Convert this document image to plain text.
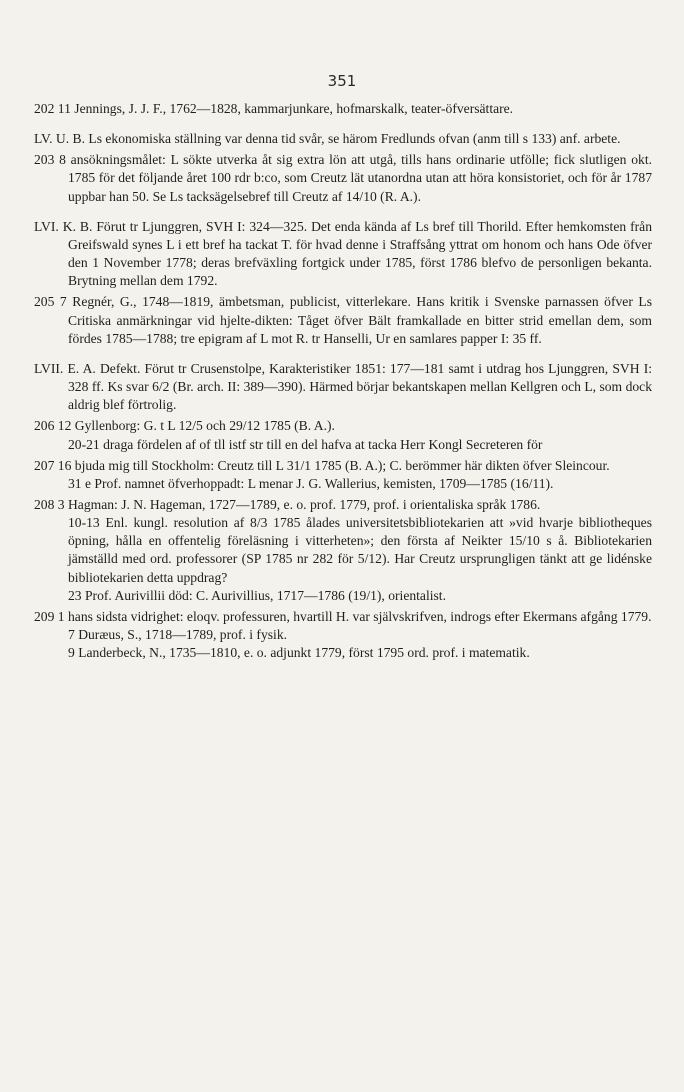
351

202 11 Jennings, J. J. F., 1762—1828, kammarjunkare, hofmarskalk, teater-öfversättare.

LV. U. B. Ls ekonomiska ställning var denna tid svår, se härom Fredlunds ofvan (anm till s 133) anf. arbete.

203 8 ansökningsmålet: L sökte utverka åt sig extra lön att utgå, tills hans ordinarie utfölle; fick slutligen okt. 1785 för det följande året 100 rdr b:co, som Creutz lät utanordna utan att höra konsistoriet, och för år 1787 uppbar han 50. Se Ls tacksägelsebref till Creutz af 14/10 (R. A.).

LVI. K. B. Förut tr Ljunggren, SVH I: 324—325. Det enda kända af Ls bref till Thorild. Efter hemkomsten från Greifswald synes L i ett bref ha tackat T. för hvad denne i Straffsång yttrat om honom och hans Ode öfver den 1 November 1778; deras brefväxling fortgick under 1785, först 1786 blefvo de personligen bekanta. Brytning mellan dem 1792.

205 7 Regnér, G., 1748—1819, ämbetsman, publicist, vitterlekare. Hans kritik i Svenske parnassen öfver Ls Critiska anmärkningar vid hjelte-dikten: Tåget öfver Bält framkallade en bitter strid emellan dem, som fördes 1785—1788; tre epigram af L mot R. tr Hanselli, Ur en samlares papper I: 35 ff.

LVII. E. A. Defekt. Förut tr Crusenstolpe, Karakteristiker 1851: 177—181 samt i utdrag hos Ljunggren, SVH I: 328 ff. Ks svar 6/2 (Br. arch. II: 389—390). Härmed börjar bekantskapen mellan Kellgren och L, som dock aldrig blef förtrolig.

206 12 Gyllenborg: G. t L 12/5 och 29/12 1785 (B. A.).

20-21 draga fördelen af of tll istf str till en del hafva at tacka Herr Kongl Secreteren för

207 16 bjuda mig till Stockholm: Creutz till L 31/1 1785 (B. A.); C. berömmer här dikten öfver Sleincour.

31 e Prof. namnet öfverhoppadt: L menar J. G. Wallerius, kemisten, 1709—1785 (16/11).

208 3 Hagman: J. N. Hageman, 1727—1789, e. o. prof. 1779, prof. i orientaliska språk 1786.

10-13 Enl. kungl. resolution af 8/3 1785 ålades universitetsbibliotekarien att »vid hvarje bibliotheques öpning, hålla en offentelig föreläsning i vitterheten»; den första af Neikter 15/10 s å. Bibliotekarien jämställd med ord. professorer (SP 1785 nr 282 för 5/12). Har Creutz ursprungligen tänkt att ge lidénske bibliotekarien detta uppdrag?

23 Prof. Aurivillii död: C. Aurivillius, 1717—1786 (19/1), orientalist.

209 1 hans sidsta vidrighet: eloqv. professuren, hvartill H. var självskrifven, indrogs efter Ekermans afgång 1779.

7 Duræus, S., 1718—1789, prof. i fysik.

9 Landerbeck, N., 1735—1810, e. o. adjunkt 1779, först 1795 ord. prof. i matematik.
